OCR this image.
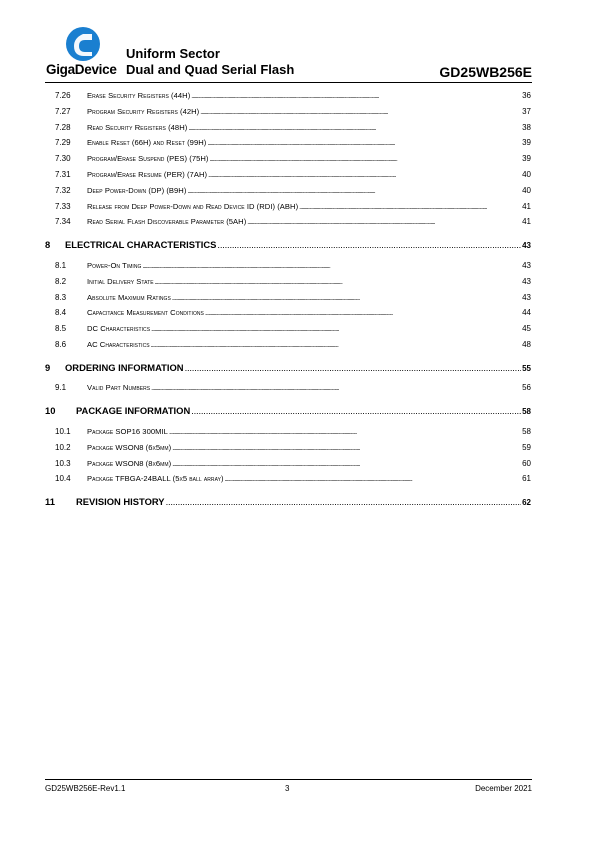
GigaDevice
Uniform Sector
Dual and Quad Serial Flash	GD25WB256E
7.26	Erase Security Registers (44H) . . .	36
7.27	Program Security Registers (42H) . . .	37
7.28	Read Security Registers (48H) . . .	38
7.29	Enable Reset (66H) and Reset (99H) . . .	39
7.30	Program/Erase Suspend (PES) (75H) . . .	39
7.31	Program/Erase Resume (PER) (7AH) . . .	40
7.32	Deep Power-Down (DP) (B9H) . . .	40
7.33	Release from Deep Power-Down and Read Device ID (RDI) (ABH) . . .	41
7.34	Read Serial Flash Discoverable Parameter (5AH) . . .	41
8	ELECTRICAL CHARACTERISTICS . . .	43
8.1	Power-On Timing . . .	43
8.2	Initial Delivery State . . .	43
8.3	Absolute Maximum Ratings . . .	43
8.4	Capacitance Measurement Conditions . . .	44
8.5	DC Characteristics . . .	45
8.6	AC Characteristics . . .	48
9	ORDERING INFORMATION . . .	55
9.1	Valid Part Numbers . . .	56
10	PACKAGE INFORMATION . . .	58
10.1	Package SOP16 300MIL . . .	58
10.2	Package WSON8 (6x5mm) . . .	59
10.3	Package WSON8 (8x6mm) . . .	60
10.4	Package TFBGA-24BALL (5x5 ball array) . . .	61
11	REVISION HISTORY . . .	62
GD25WB256E-Rev1.1	3	December 2021
